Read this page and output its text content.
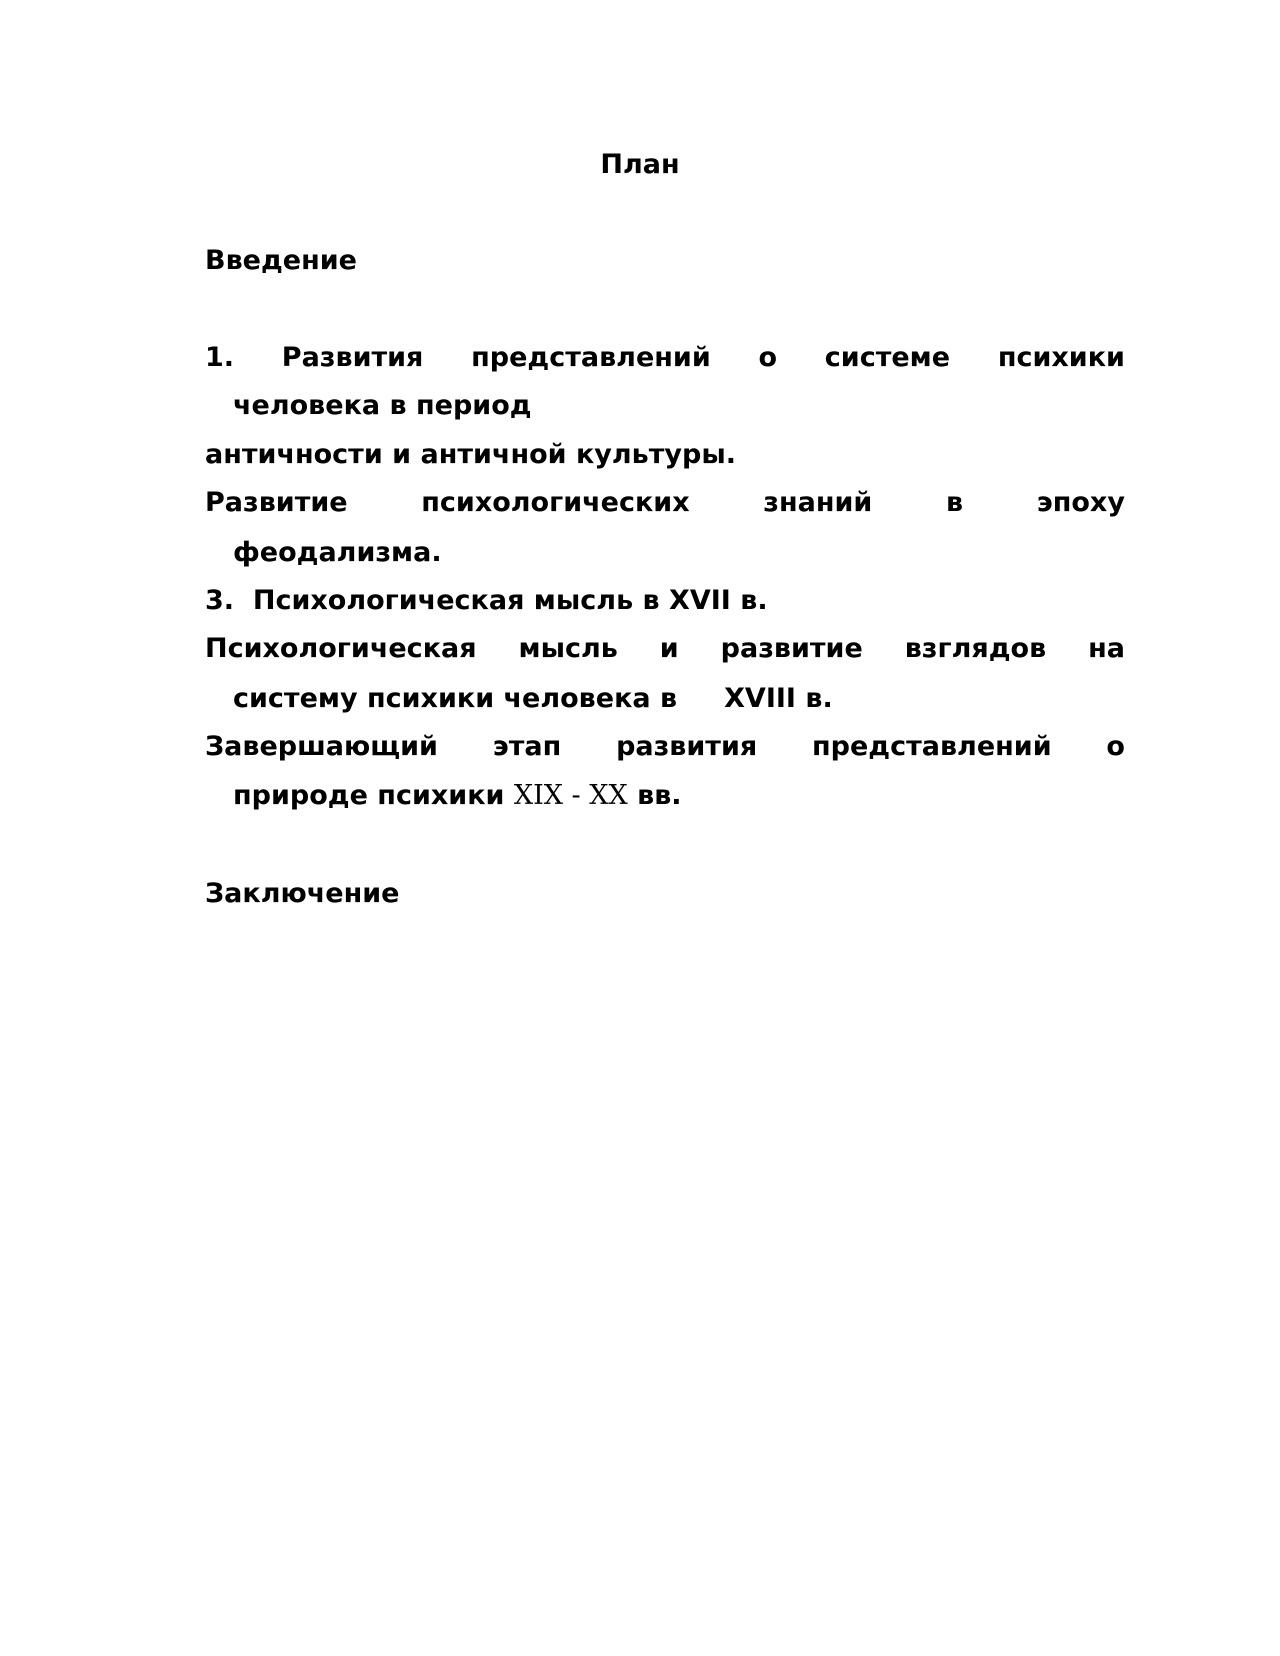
План
Введение
1. Развития представлений о системе психики
человека в период
античности и античной культуры.
Развитие	психологических	знаний	в	эпоху
феодализма.
3.  Психологическая мысль в XVII в.
Психологическая мысль и развитие взглядов на
систему психики человека в     XVIII в.
Завершающий этап развития представлений о
природе психики XIX - XX вв.
Заключение
